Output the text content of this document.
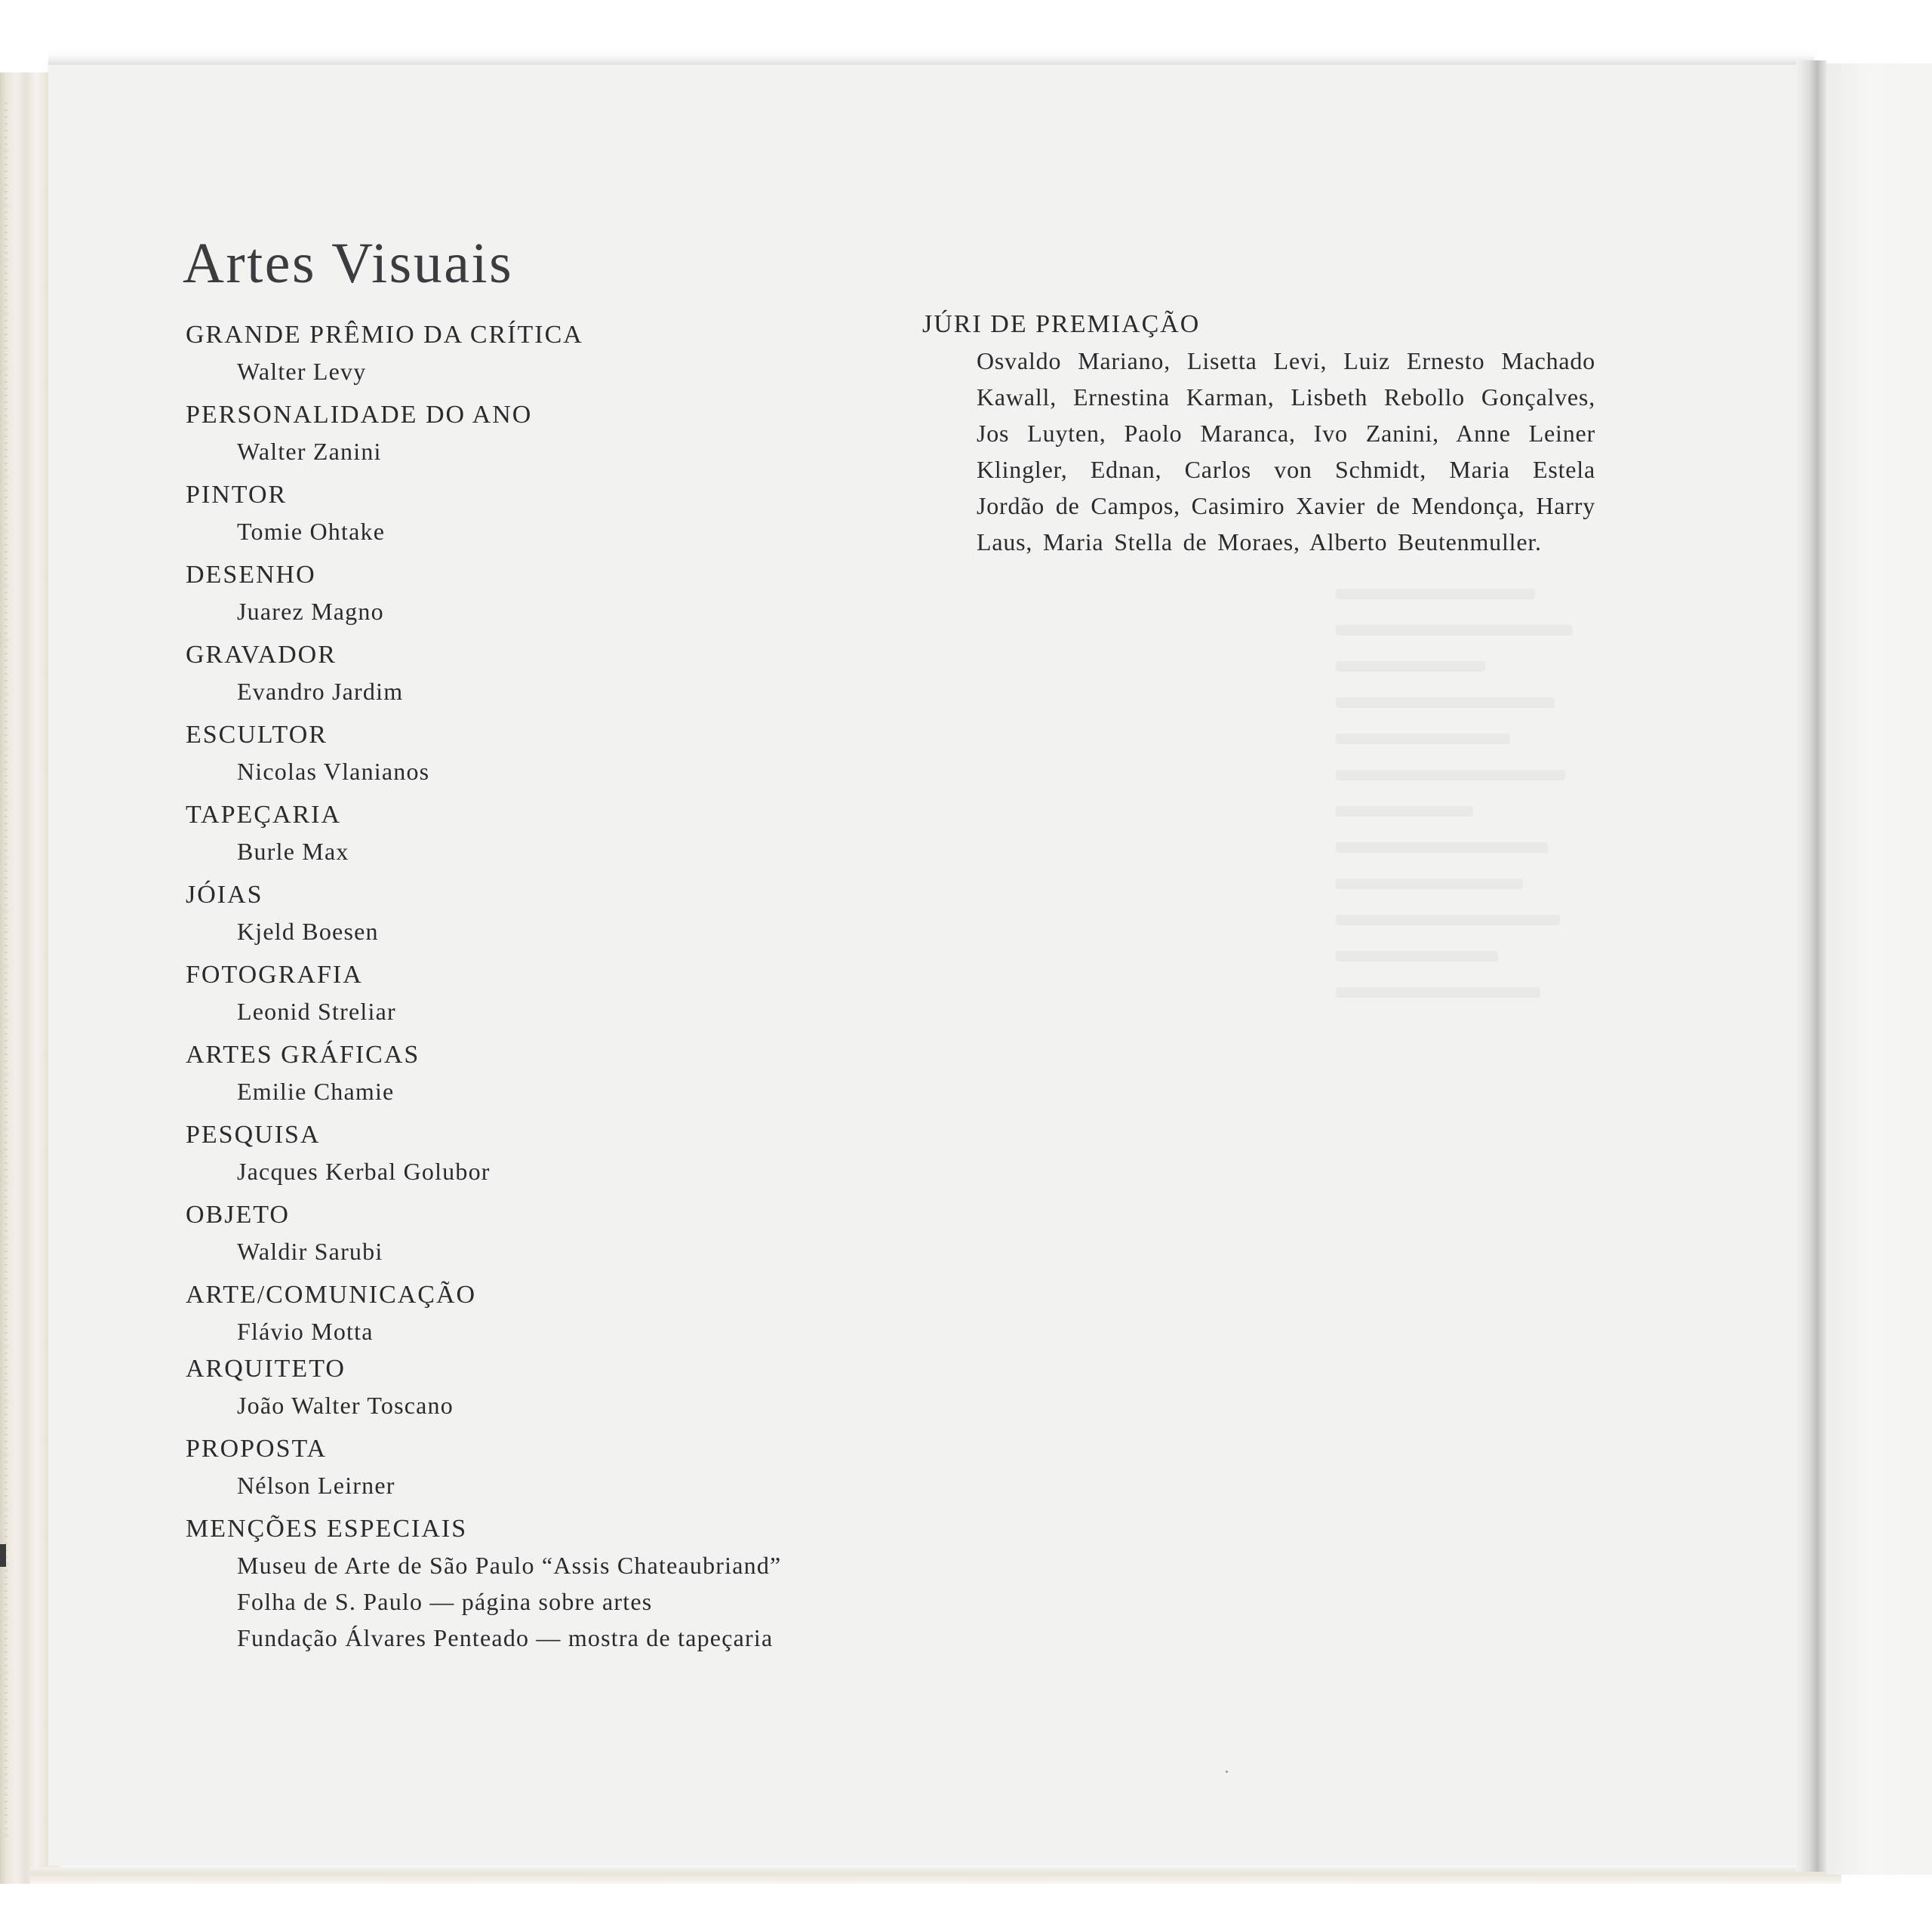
Artes Visuais
GRANDE PRÊMIO DA CRÍTICA
Walter Levy
PERSONALIDADE DO ANO
Walter Zanini
PINTOR
Tomie Ohtake
DESENHO
Juarez Magno
GRAVADOR
Evandro Jardim
ESCULTOR
Nicolas Vlanianos
TAPEÇARIA
Burle Max
JÓIAS
Kjeld Boesen
FOTOGRAFIA
Leonid Streliar
ARTES GRÁFICAS
Emilie Chamie
PESQUISA
Jacques Kerbal Golubor
OBJETO
Waldir Sarubi
ARTE/COMUNICAÇÃO
Flávio Motta
ARQUITETO
João Walter Toscano
PROPOSTA
Nélson Leirner
MENÇÕES ESPECIAIS
Museu de Arte de São Paulo “Assis Chateaubriand”
Folha de S. Paulo — página sobre artes
Fundação Álvares Penteado — mostra de tapeçaria
JÚRI DE PREMIAÇÃO
Osvaldo Mariano, Lisetta Levi, Luiz Ernesto Machado Kawall, Ernestina Karman, Lisbeth Rebollo Gonçalves, Jos Luyten, Paolo Maranca, Ivo Zanini, Anne Leiner Klingler, Ednan, Carlos von Schmidt, Maria Estela Jordão de Campos, Casimiro Xavier de Mendonça, Harry Laus, Maria Stella de Moraes, Alberto Beutenmuller.
